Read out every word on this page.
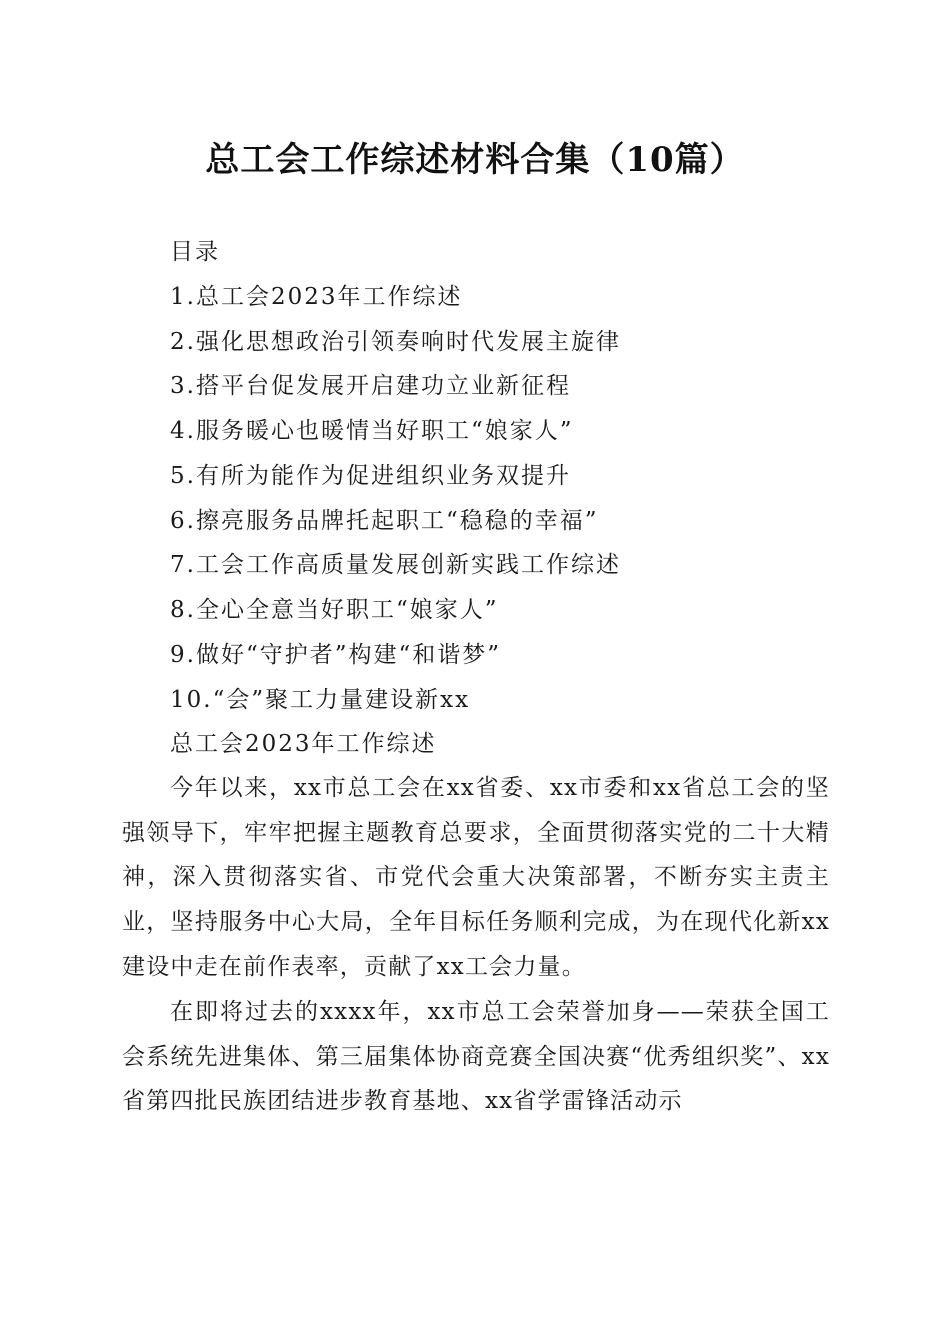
总工会工作综述材料合集（10篇）
目录
1.总工会2023年工作综述
2.强化思想政治引领奏响时代发展主旋律
3.搭平台促发展开启建功立业新征程
4.服务暖心也暖情当好职工“娘家人”
5.有所为能作为促进组织业务双提升
6.擦亮服务品牌托起职工“稳稳的幸福”
7.工会工作高质量发展创新实践工作综述
8.全心全意当好职工“娘家人”
9.做好“守护者”构建“和谐梦”
10.“会”聚工力量建设新xx
总工会2023年工作综述

今年以来，xx市总工会在xx省委、xx市委和xx省总工会的坚强领导下，牢牢把握主题教育总要求，全面贯彻落实党的二十大精神，深入贯彻落实省、市党代会重大决策部署，不断夯实主责主业，坚持服务中心大局，全年目标任务顺利完成，为在现代化新xx建设中走在前作表率，贡献了xx工会力量。

在即将过去的xxxx年，xx市总工会荣誉加身——荣获全国工会系统先进集体、第三届集体协商竞赛全国决赛“优秀组织奖”、xx省第四批民族团结进步教育基地、xx省学雷锋活动示
